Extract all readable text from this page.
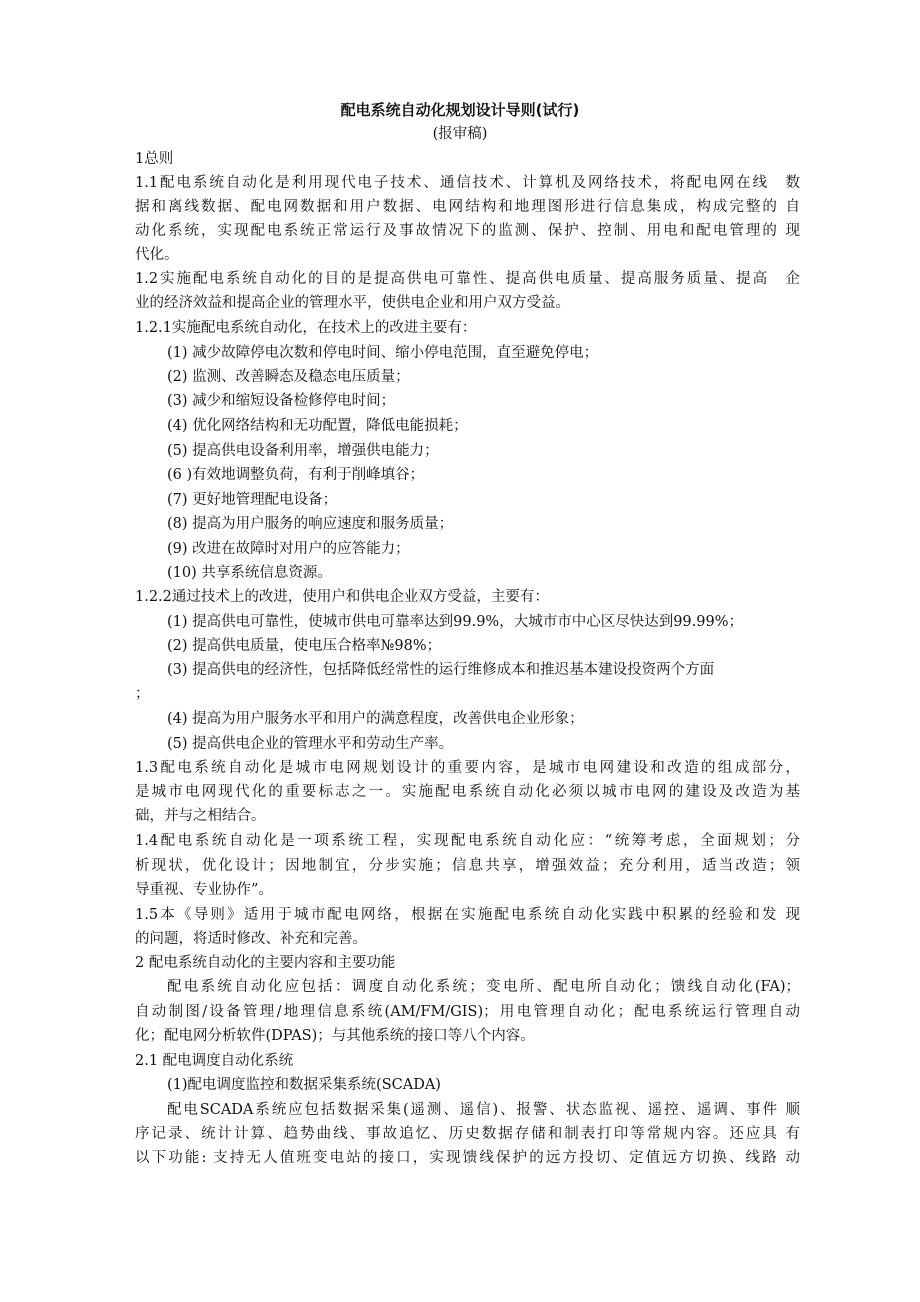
配电系统自动化规划设计导则(试行)
(报审稿)
1总则
1.1配电系统自动化是利用现代电子技术、通信技术、计算机及网络技术，将配电网在线　数
据和离线数据、配电网数据和用户数据、电网结构和地理图形进行信息集成，构成完整的 自
动化系统，实现配电系统正常运行及事故情况下的监测、保护、控制、用电和配电管理的 现
代化。
1.2实施配电系统自动化的目的是提高供电可靠性、提高供电质量、提高服务质量、提高　企
业的经济效益和提高企业的管理水平，使供电企业和用户双方受益。
1.2.1实施配电系统自动化，在技术上的改进主要有：
(1) 减少故障停电次数和停电时间、缩小停电范围，直至避免停电；
(2) 监测、改善瞬态及稳态电压质量；
(3) 减少和缩短设备检修停电时间；
(4) 优化网络结构和无功配置，降低电能损耗；
(5) 提高供电设备利用率，增强供电能力；
(6 )有效地调整负荷，有利于削峰填谷；
(7) 更好地管理配电设备；
(8) 提高为用户服务的响应速度和服务质量；
(9) 改进在故障时对用户的应答能力；
(10) 共享系统信息资源。
1.2.2通过技术上的改进，使用户和供电企业双方受益，主要有：
(1) 提高供电可靠性，使城市供电可靠率达到99.9%，大城市市中心区尽快达到99.99%；
(2) 提高供电质量，使电压合格率№98%；
(3) 提高供电的经济性，包括降低经常性的运行维修成本和推迟基本建设投资两个方面
；
(4) 提高为用户服务水平和用户的满意程度，改善供电企业形象；
(5) 提高供电企业的管理水平和劳动生产率。
1.3配电系统自动化是城市电网规划设计的重要内容，是城市电网建设和改造的组成部分，
是城市电网现代化的重要标志之一。实施配电系统自动化必须以城市电网的建设及改造为基
础，并与之相结合。
1.4配电系统自动化是一项系统工程，实现配电系统自动化应：“统筹考虑，全面规划；分
析现状，优化设计；因地制宜，分步实施；信息共享，增强效益；充分利用，适当改造；领
导重视、专业协作”。
1.5本《导则》适用于城市配电网络，根据在实施配电系统自动化实践中积累的经验和发 现
的问题，将适时修改、补充和完善。
2 配电系统自动化的主要内容和主要功能
配电系统自动化应包括：调度自动化系统；变电所、配电所自动化；馈线自动化(FA)；
自动制图/设备管理/地理信息系统(AM/FM/GIS)；用电管理自动化；配电系统运行管理自动
化；配电网分析软件(DPAS)；与其他系统的接口等八个内容。
2.1 配电调度自动化系统
(1)配电调度监控和数据采集系统(SCADA)
配电SCADA系统应包括数据采集(遥测、遥信)、报警、状态监视、遥控、遥调、事件 顺
序记录、统计计算、趋势曲线、事故追忆、历史数据存储和制表打印等常规内容。还应具 有
以下功能: 支持无人值班变电站的接口，实现馈线保护的远方投切、定值远方切换、线路 动
